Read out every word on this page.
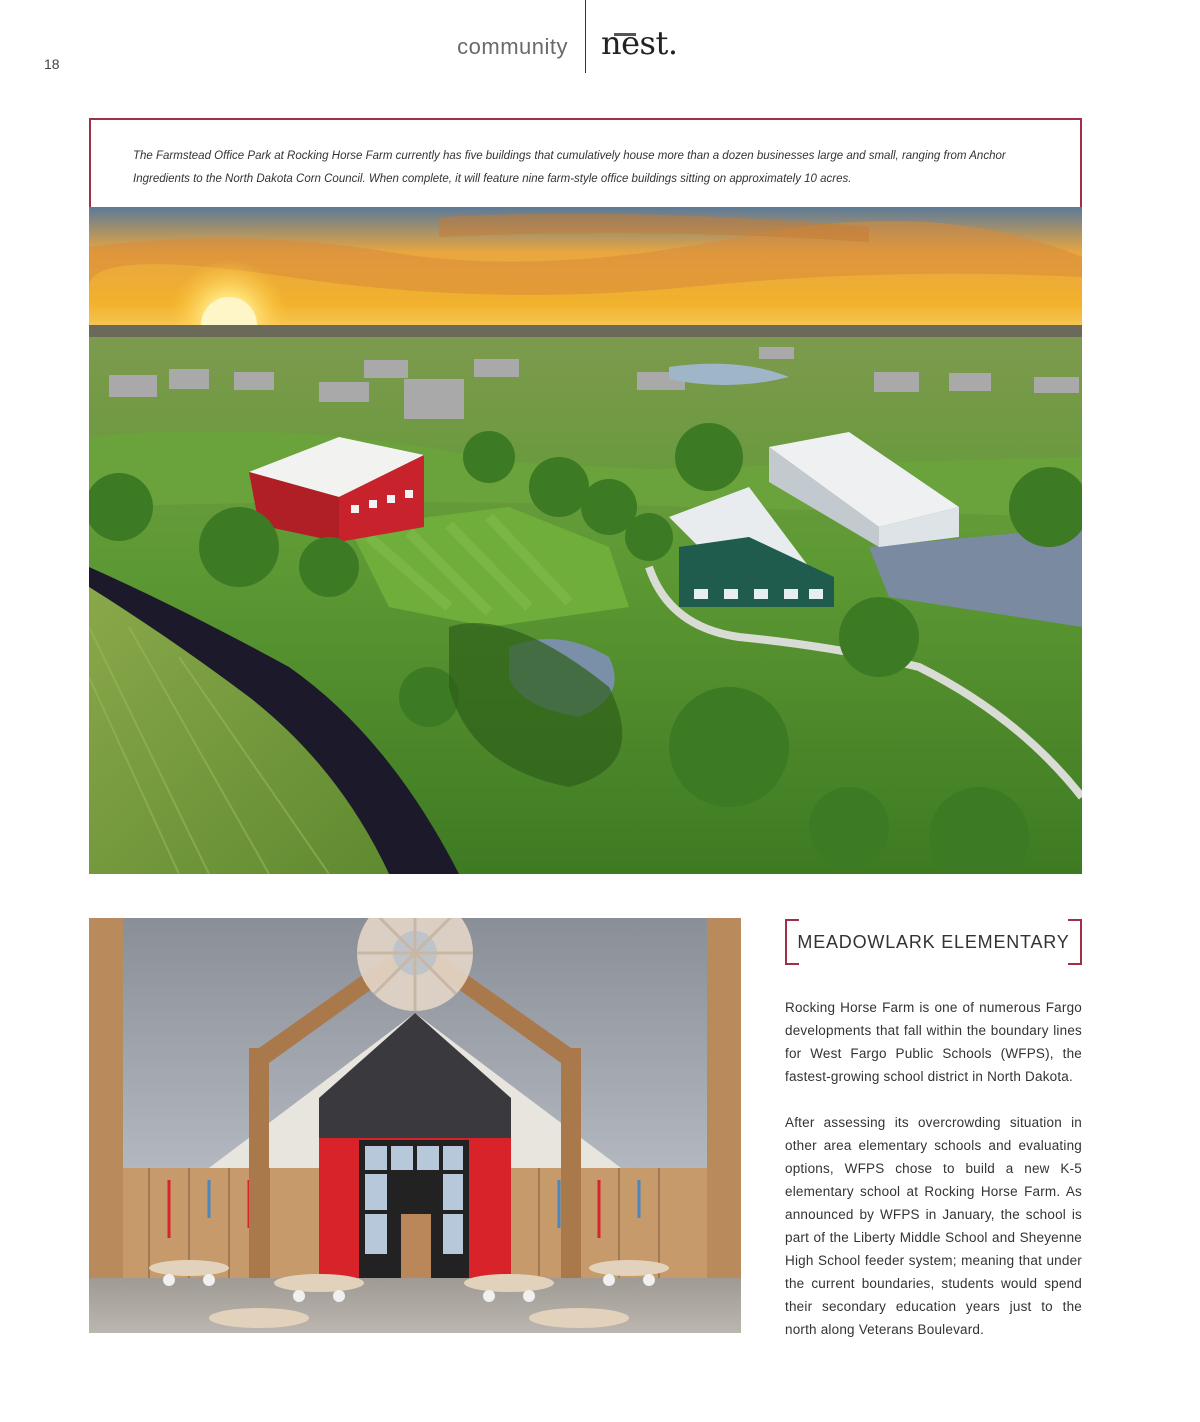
18
community nest.

The Farmstead Office Park at Rocking Horse Farm currently has five buildings that cumulatively house more than a dozen businesses large and small, ranging from Anchor Ingredients to the North Dakota Corn Council. When complete, it will feature nine farm-style office buildings sitting on approximately 10 acres.

MEADOWLARK ELEMENTARY

Rocking Horse Farm is one of numerous Fargo developments that fall within the boundary lines for West Fargo Public Schools (WFPS), the fastest-growing school district in North Dakota.

After assessing its overcrowding situation in other area elementary schools and evaluating options, WFPS chose to build a new K-5 elementary school at Rocking Horse Farm. As announced by WFPS in January, the school is part of the Liberty Middle School and Sheyenne High School feeder system; meaning that under the current boundaries, students would spend their secondary education years just to the north along Veterans Boulevard.
